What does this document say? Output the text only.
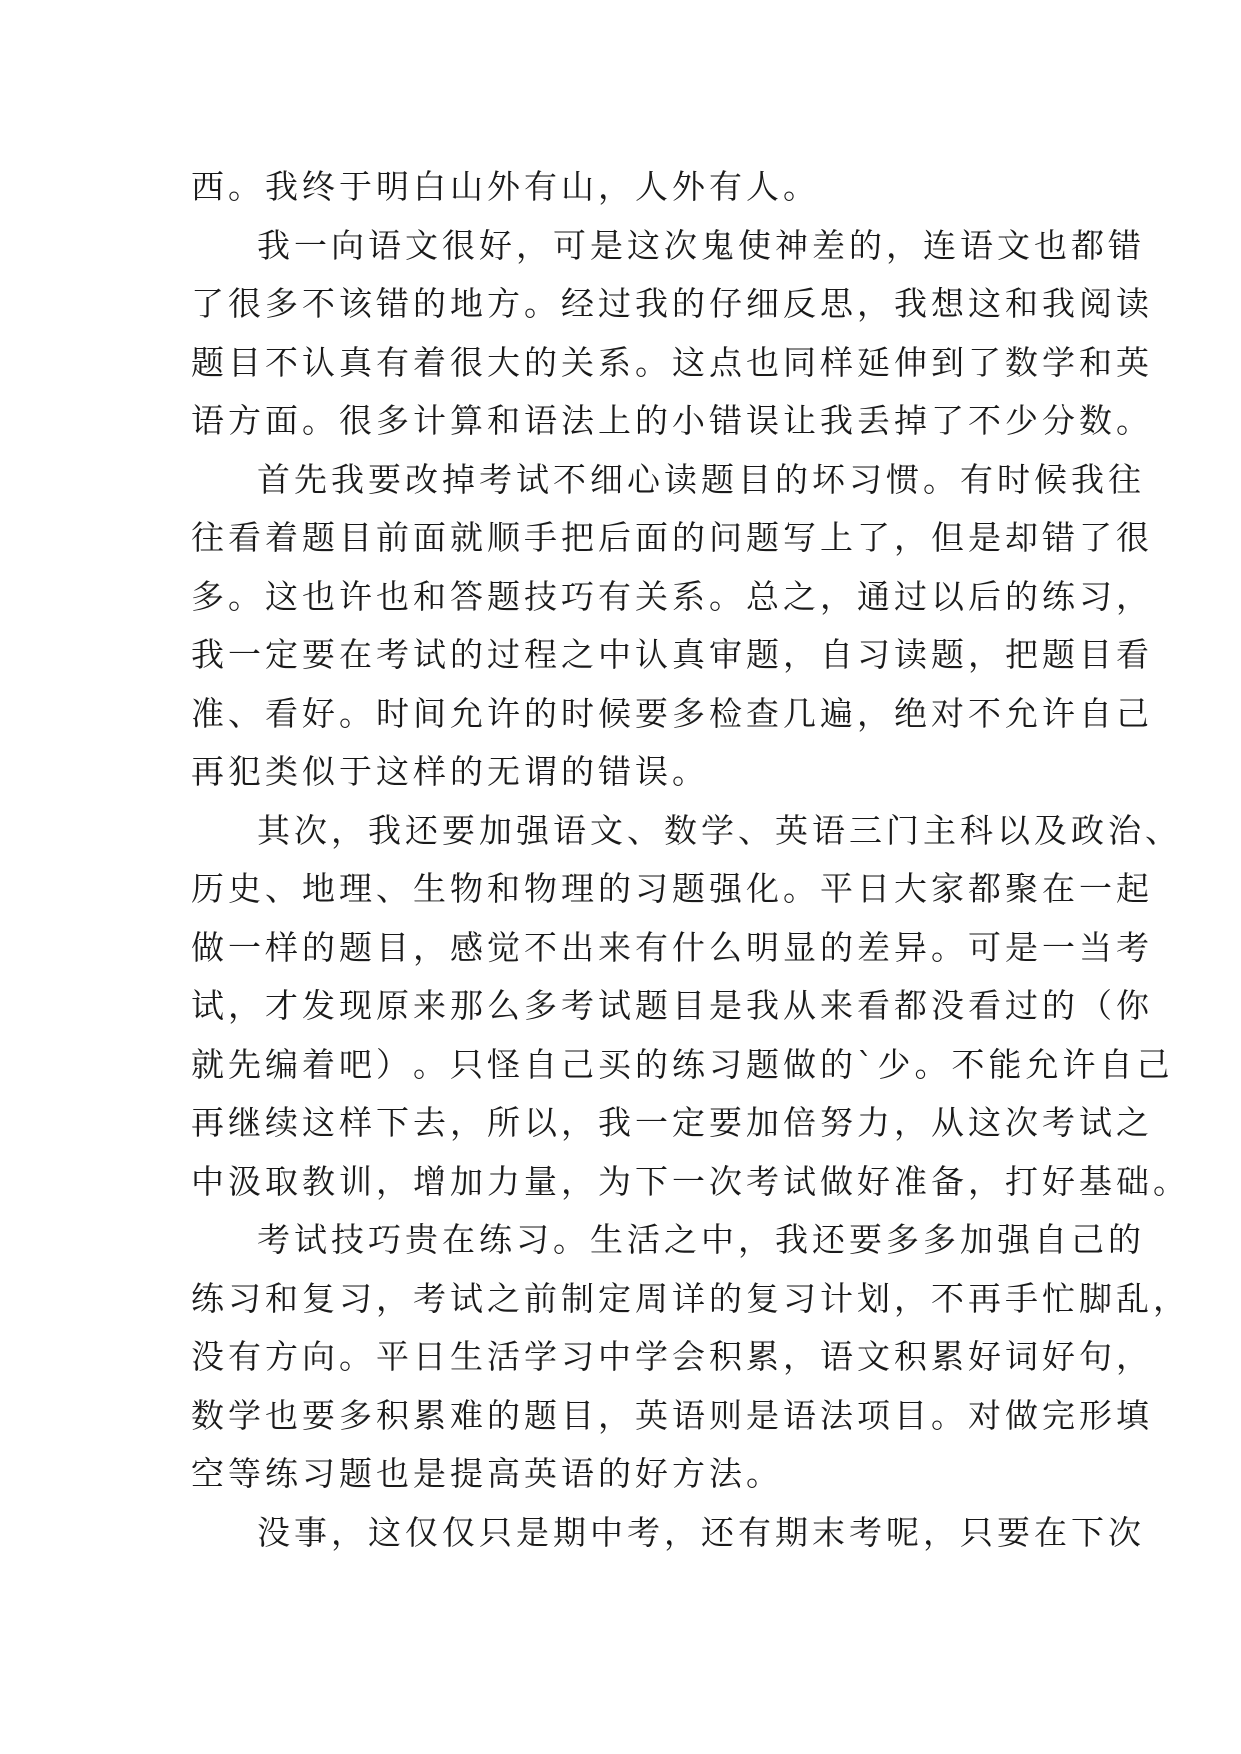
西。我终于明白山外有山，人外有人。
我 一 向 语 文 很 好 ， 可 是 这 次 鬼 使 神 差 的 ， 连 语 文 也 都 错
了 很 多 不 该 错 的 地 方 。 经 过 我 的 仔 细 反 思 ， 我 想 这 和 我 阅 读
题 目 不 认 真 有 着 很 大 的 关 系 。 这 点 也 同 样 延 伸 到 了 数 学 和 英
语 方 面 。 很 多 计 算 和 语 法 上 的 小 错 误 让 我 丢 掉 了 不 少 分 数 。
首 先 我 要 改 掉 考 试 不 细 心 读 题 目 的 坏 习 惯 。 有 时 候 我 往
往 看 着 题 目 前 面 就 顺 手 把 后 面 的 问 题 写 上 了 ， 但 是 却 错 了 很
多 。 这 也 许 也 和 答 题 技 巧 有 关 系 。 总 之 ， 通 过 以 后 的 练 习 ，
我 一 定 要 在 考 试 的 过 程 之 中 认 真 审 题 ， 自 习 读 题 ， 把 题 目 看
准 、 看 好 。 时 间 允 许 的 时 候 要 多 检 查 几 遍 ， 绝 对 不 允 许 自 己
再犯类似于这样的无谓的错误。
其 次 ， 我 还 要 加 强 语 文 、 数 学 、 英 语 三 门 主 科 以 及 政 治 、
历 史 、 地 理 、 生 物 和 物 理 的 习 题 强 化 。 平 日 大 家 都 聚 在 一 起
做 一 样 的 题 目 ， 感 觉 不 出 来 有 什 么 明 显 的 差 异 。 可 是 一 当 考
试 ， 才 发 现 原 来 那 么 多 考 试 题 目 是 我 从 来 看 都 没 看 过 的 （ 你
就 先 编 着 吧 ） 。 只 怪 自 己 买 的 练 习 题 做 的 ` 少 。 不 能 允 许 自 己
再 继 续 这 样 下 去 ， 所 以 ， 我 一 定 要 加 倍 努 力 ， 从 这 次 考 试 之
中 汲 取 教 训 ， 增 加 力 量 ， 为 下 一 次 考 试 做 好 准 备 ， 打 好 基 础 。
考 试 技 巧 贵 在 练 习 。 生 活 之 中 ， 我 还 要 多 多 加 强 自 己 的
练 习 和 复 习 ， 考 试 之 前 制 定 周 详 的 复 习 计 划 ， 不 再 手 忙 脚 乱 ，
没 有 方 向 。 平 日 生 活 学 习 中 学 会 积 累 ， 语 文 积 累 好 词 好 句 ，
数 学 也 要 多 积 累 难 的 题 目 ， 英 语 则 是 语 法 项 目 。 对 做 完 形 填
空等练习题也是提高英语的好方法。
没 事 ， 这 仅 仅 只 是 期 中 考 ， 还 有 期 末 考 呢 ， 只 要 在 下 次
